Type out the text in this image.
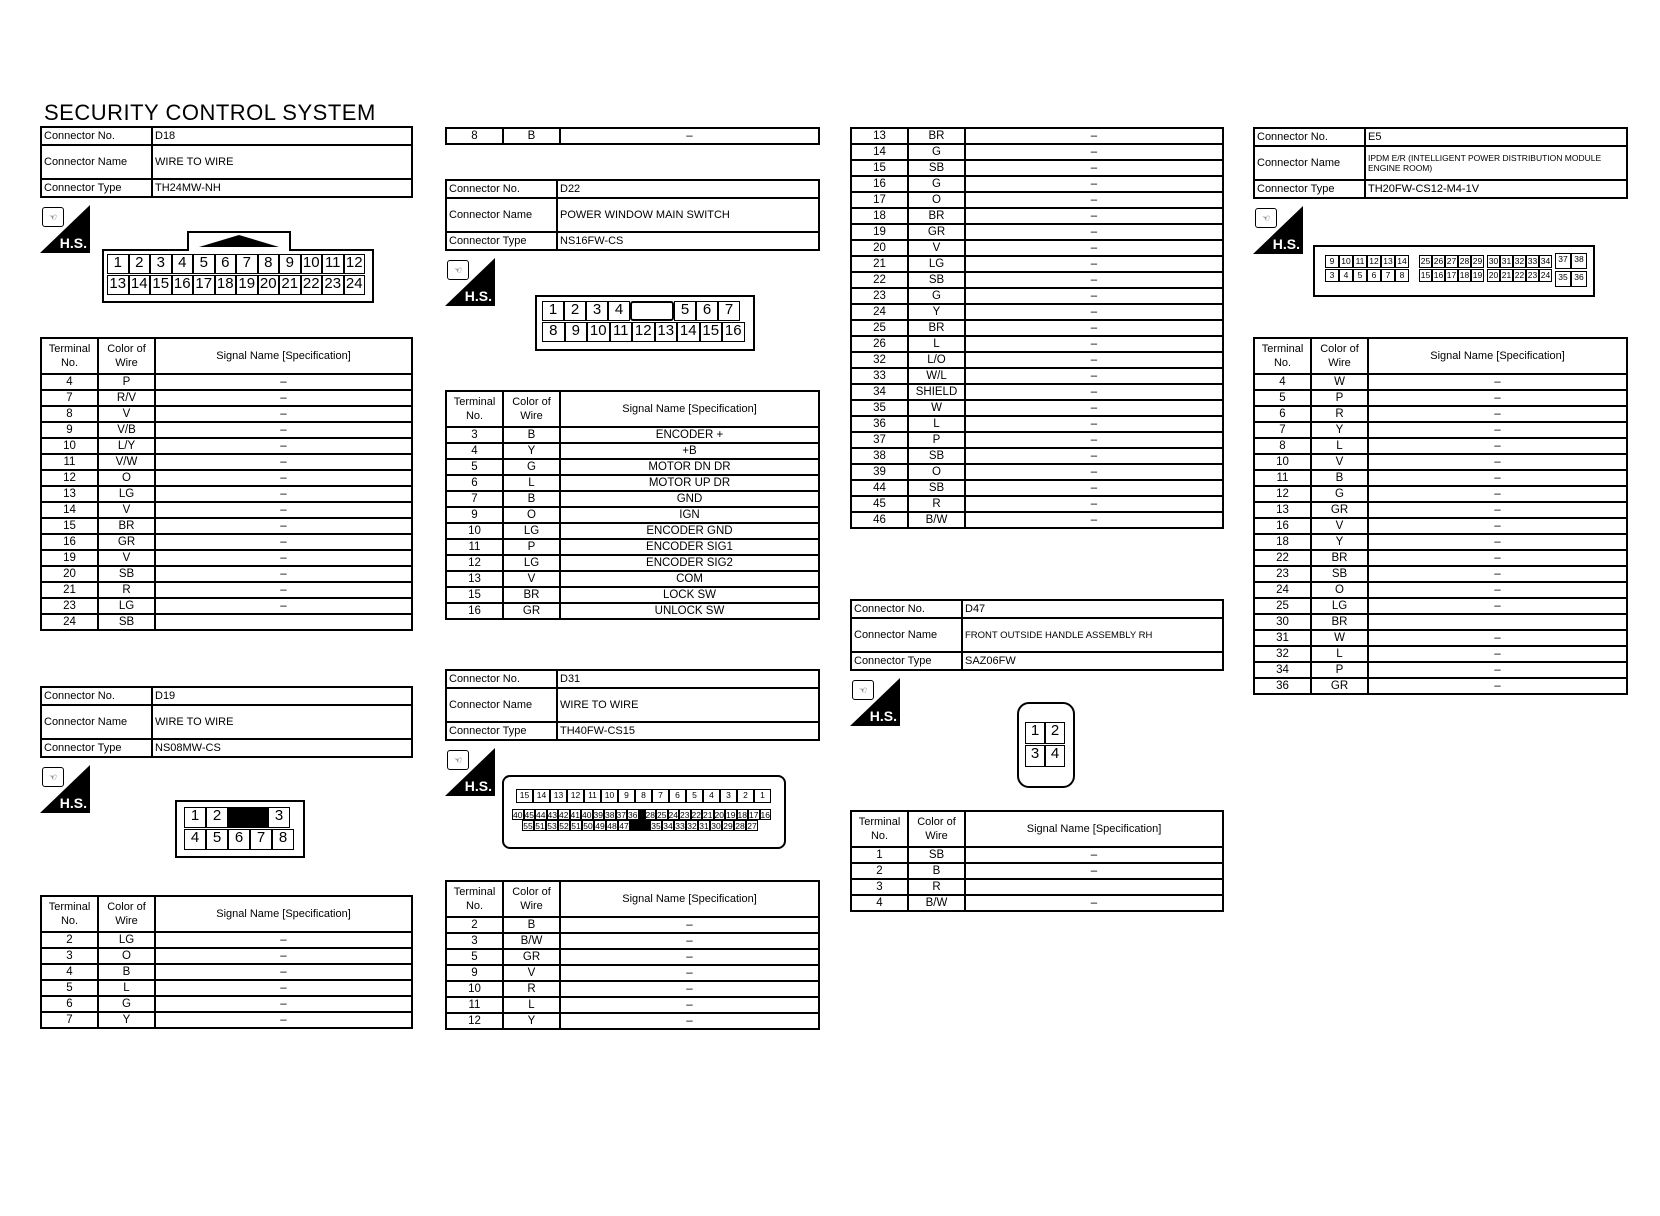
SECURITY CONTROL SYSTEM
Connector No.	D18
Connector Name	WIRE TO WIRE
Connector Type	TH24MW-NH
☜
H.S.
1 2 3 4 5 6 7 8 9 10 11 12
13 14 15 16 17 18 19 20 21 22 23 24
Terminal No.	Color of Wire	Signal Name [Specification]
4	P	–
7	R/V	–
8	V	–
9	V/B	–
10	L/Y	–
11	V/W	–
12	O	–
13	LG	–
14	V	–
15	BR	–
16	GR	–
19	V	–
20	SB	–
21	R	–
23	LG	–
24	SB	
Connector No.	D19
Connector Name	WIRE TO WIRE
Connector Type	NS08MW-CS
☜
H.S.
1 2	3
4 5 6 7 8
Terminal No.	Color of Wire	Signal Name [Specification]
2	LG	–
3	O	–
4	B	–
5	L	–
6	G	–
7	Y	–
8	B	–
Connector No.	D22
Connector Name	POWER WINDOW MAIN SWITCH
Connector Type	NS16FW-CS
☜
H.S.
1 2 3 4	5 6 7
8 9 10 11 12 13 14 15 16
Terminal No.	Color of Wire	Signal Name [Specification]
3	B	ENCODER +
4	Y	+B
5	G	MOTOR DN DR
6	L	MOTOR UP DR
7	B	GND
9	O	IGN
10	LG	ENCODER GND
11	P	ENCODER SIG1
12	LG	ENCODER SIG2
13	V	COM
15	BR	LOCK SW
16	GR	UNLOCK SW
Connector No.	D31
Connector Name	WIRE TO WIRE
Connector Type	TH40FW-CS15
☜
H.S.
15 14 13 12 11 10	9	8	7	6	5	4	3	2	1
40 45 44 43 42 41 40 39 38 37 36 28 25 24 23 22 21 20 19 18 17 16
55 51 53 52 51 50 49 48 47	35 34 33 32 31 30 29 28 27
Terminal No.	Color of Wire	Signal Name [Specification]
2	B	–
3	B/W	–
5	GR	–
9	V	–
10	R	–
11	L	–
12	Y	–
13	BR	–
14	G	–
15	SB	–
16	G	–
17	O	–
18	BR	–
19	GR	–
20	V	–
21	LG	–
22	SB	–
23	G	–
24	Y	–
25	BR	–
26	L	–
32	L/O	–
33	W/L	–
34	SHIELD	–
35	W	–
36	L	–
37	P	–
38	SB	–
39	O	–
44	SB	–
45	R	–
46	B/W	–
Connector No.	D47
Connector Name	FRONT OUTSIDE HANDLE ASSEMBLY RH
Connector Type	SAZ06FW
☜
H.S.
1 2
3 4
Terminal No.	Color of Wire	Signal Name [Specification]
1	SB	–
2	B	–
3	R	
4	B/W	–
Connector No.	E5
Connector Name	IPDM E/R (INTELLIGENT POWER DISTRIBUTION MODULE ENGINE ROOM)
Connector Type	TH20FW-CS12-M4-1V
☜
H.S.
9 10 11 12 13 14
3	4	5	6	7	8
25 26 27 28 29
15 16 17 18 19
30 31 32 33 34
20 21 22 23 24
37 38
35 36
Terminal No.	Color of Wire	Signal Name [Specification]
4	W	–
5	P	–
6	R	–
7	Y	–
8	L	–
10	V	–
11	B	–
12	G	–
13	GR	–
16	V	–
18	Y	–
22	BR	–
23	SB	–
24	O	–
25	LG	–
30	BR	
31	W	–
32	L	–
34	P	–
36	GR	–
